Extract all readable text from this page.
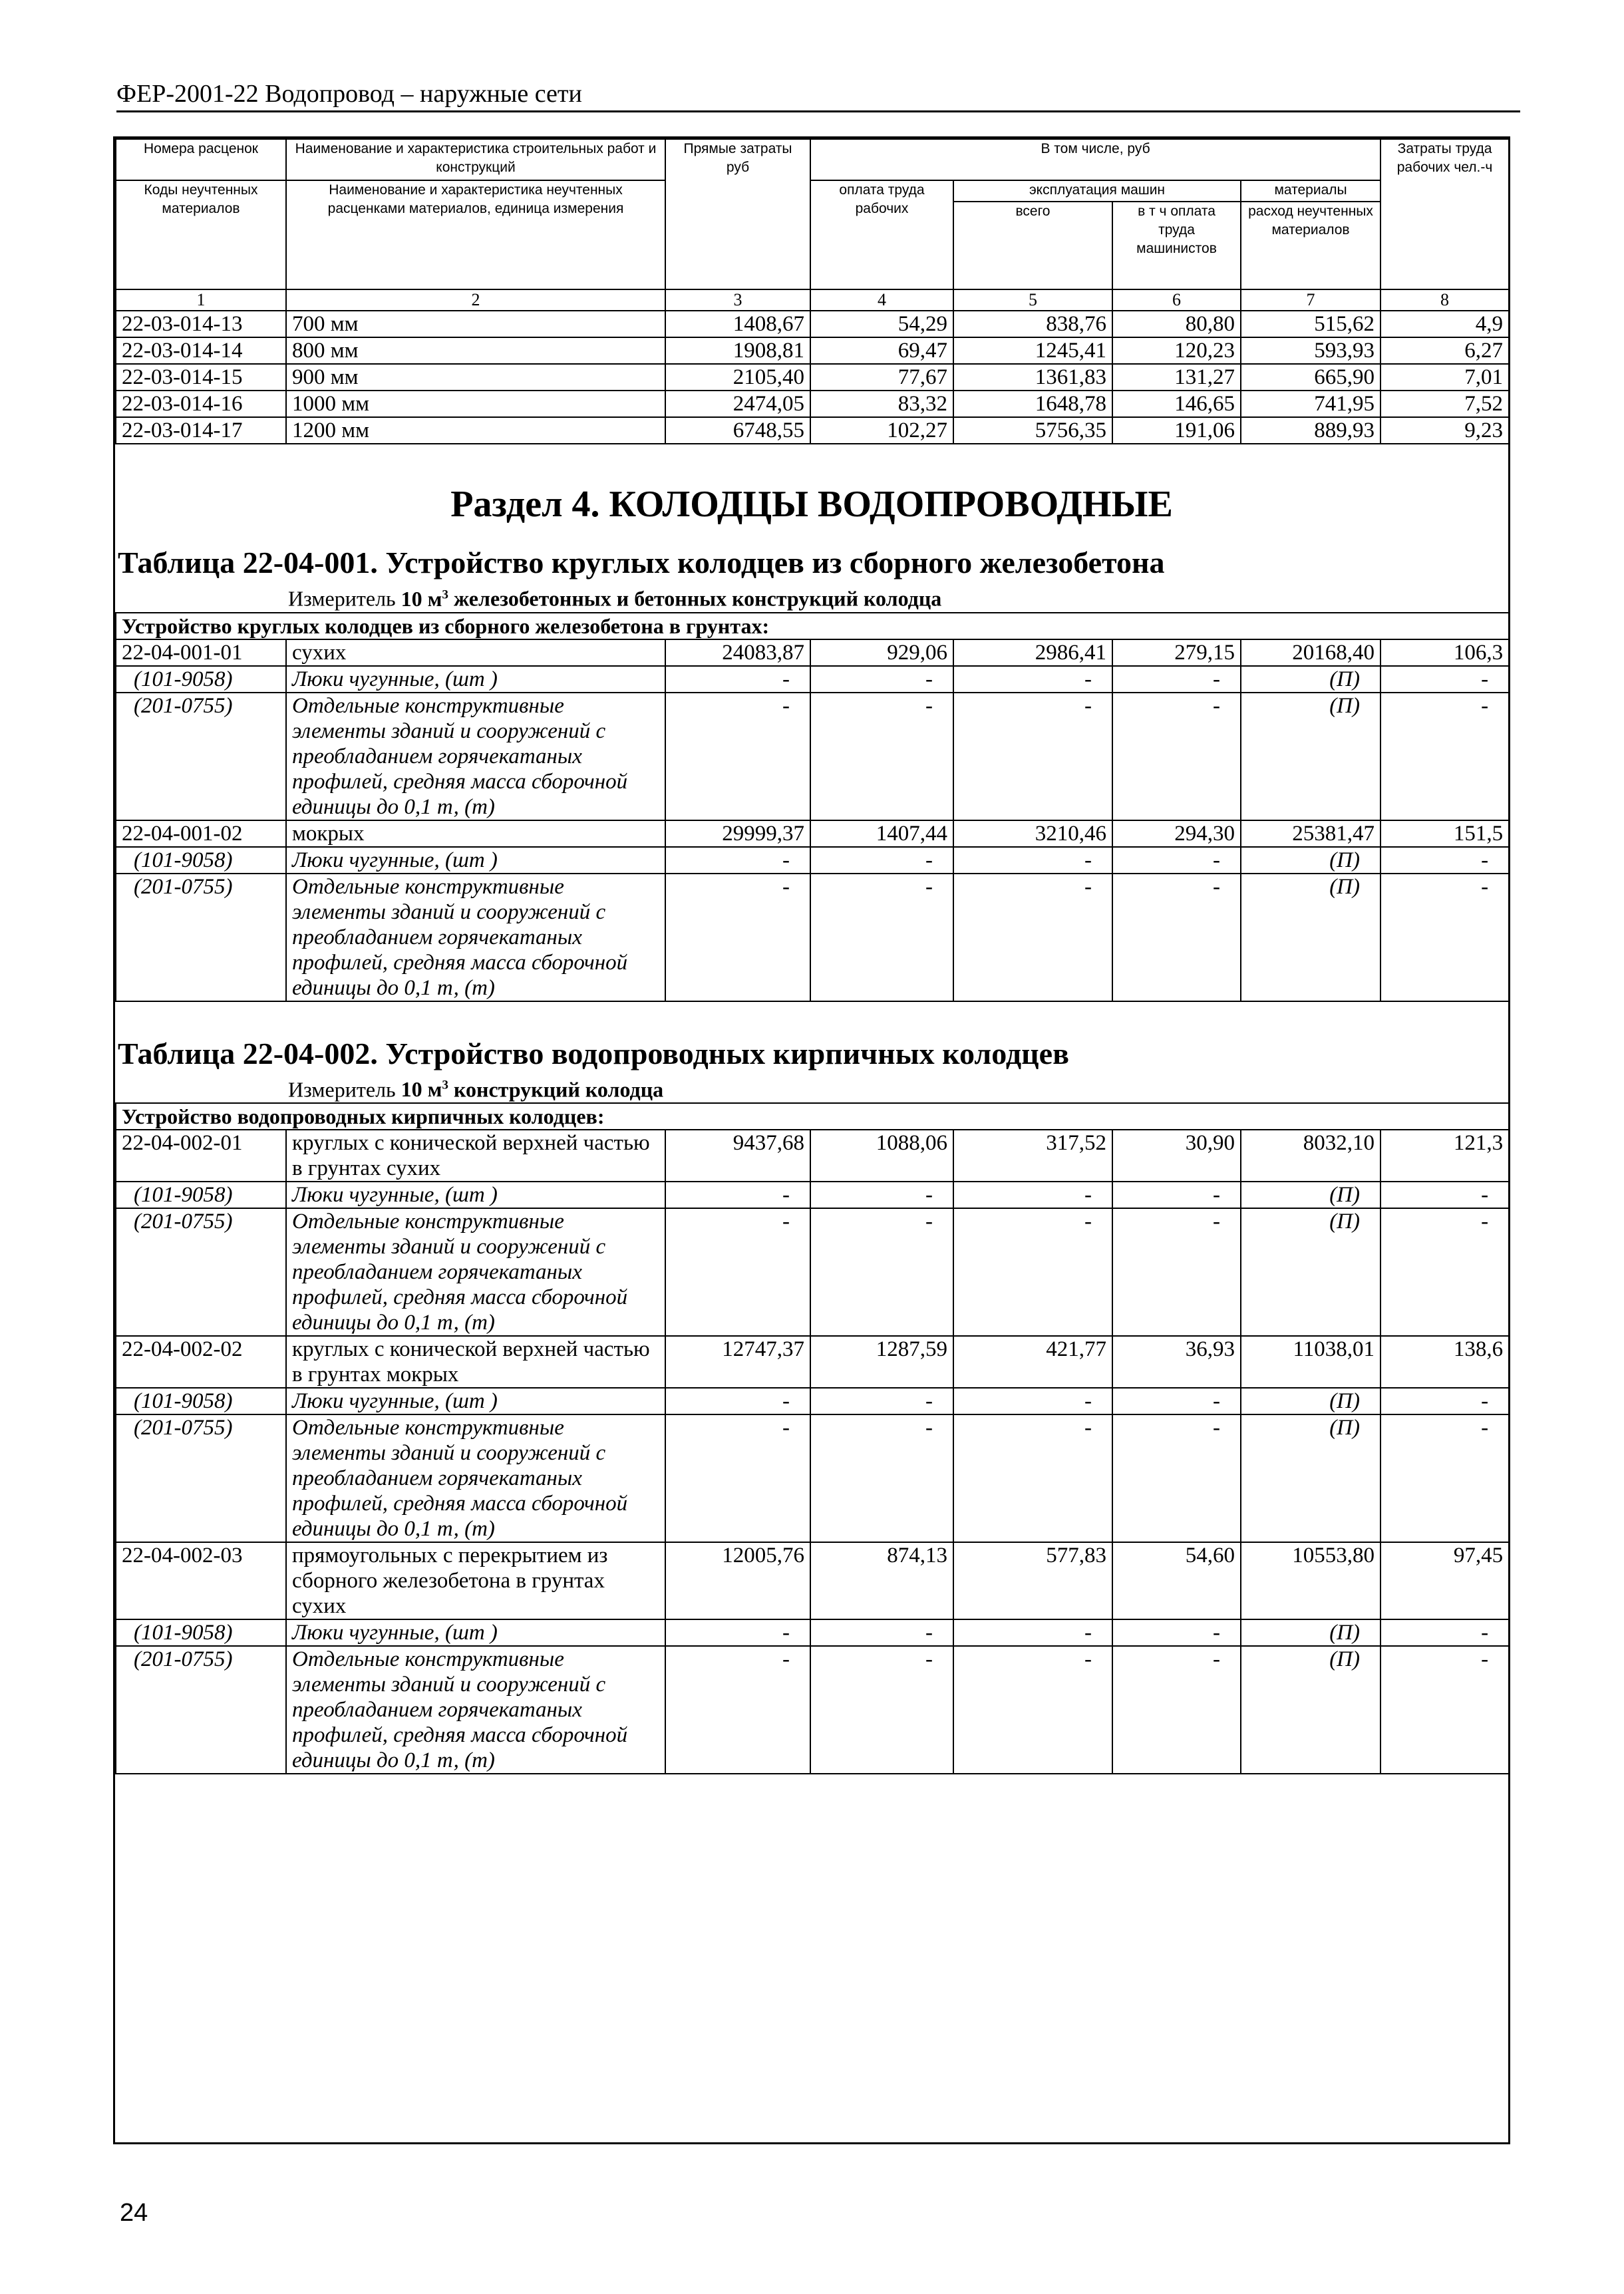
ФЕР-2001-22 Водопровод – наружные сети
Номера расценок	Наименование и характеристика строительных работ и конструкций	Прямые затраты руб	В том числе, руб				Затраты труда рабочих чел.-ч
Коды неучтенных материалов	Наименование и характеристика неучтенных расценками материалов, единица измерения		оплата труда рабочих	эксплуатация машин		материалы	
				всего	в т ч оплата труда машинистов	расход неучтенных материалов	
1	2	3	4	5	6	7	8
22-03-014-13	700 мм	1408,67	54,29	838,76	80,80	515,62	4,9
22-03-014-14	800 мм	1908,81	69,47	1245,41	120,23	593,93	6,27
22-03-014-15	900 мм	2105,40	77,67	1361,83	131,27	665,90	7,01
22-03-014-16	1000 мм	2474,05	83,32	1648,78	146,65	741,95	7,52
22-03-014-17	1200 мм	6748,55	102,27	5756,35	191,06	889,93	9,23
Раздел 4. КОЛОДЦЫ ВОДОПРОВОДНЫЕ
Таблица 22-04-001. Устройство круглых колодцев из сборного железобетона
Измеритель 10 $м^3$ железобетонных и бетонных конструкций колодца
Устройство круглых колодцев из сборного железобетона в грунтах:							
22-04-001-01	сухих	24083,87	929,06	2986,41	279,15	20168,40	106,3
(101-9058)	Люки чугунные, (шт )	-	-	-	-	(П)	-
(201-0755)	Отдельные конструктивные элементы зданий и сооружений с преобладанием горячекатаных профилей, средняя масса сборочной единицы до 0,1 т, (т)	-	-	-	-	(П)	-
22-04-001-02	мокрых	29999,37	1407,44	3210,46	294,30	25381,47	151,5
(101-9058)	Люки чугунные, (шт )	-	-	-	-	(П)	-
(201-0755)	Отдельные конструктивные элементы зданий и сооружений с преобладанием горячекатаных профилей, средняя масса сборочной единицы до 0,1 т, (т)	-	-	-	-	(П)	-
Таблица 22-04-002. Устройство водопроводных кирпичных колодцев
Измеритель 10 $м^3$ конструкций колодца
Устройство водопроводных кирпичных колодцев:							
22-04-002-01	круглых с конической верхней частью в грунтах сухих	9437,68	1088,06	317,52	30,90	8032,10	121,3
(101-9058)	Люки чугунные, (шт )	-	-	-	-	(П)	-
(201-0755)	Отдельные конструктивные элементы зданий и сооружений с преобладанием горячекатаных профилей, средняя масса сборочной единицы до 0,1 т, (т)	-	-	-	-	(П)	-
22-04-002-02	круглых с конической верхней частью в грунтах мокрых	12747,37	1287,59	421,77	36,93	11038,01	138,6
(101-9058)	Люки чугунные, (шт )	-	-	-	-	(П)	-
(201-0755)	Отдельные конструктивные элементы зданий и сооружений с преобладанием горячекатаных профилей, средняя масса сборочной единицы до 0,1 т, (т)	-	-	-	-	(П)	-
22-04-002-03	прямоугольных с перекрытием из сборного железобетона в грунтах сухих	12005,76	874,13	577,83	54,60	10553,80	97,45
(101-9058)	Люки чугунные, (шт )	-	-	-	-	(П)	-
(201-0755)	Отдельные конструктивные элементы зданий и сооружений с преобладанием горячекатаных профилей, средняя масса сборочной единицы до 0,1 т, (т)	-	-	-	-	(П)	-
24
